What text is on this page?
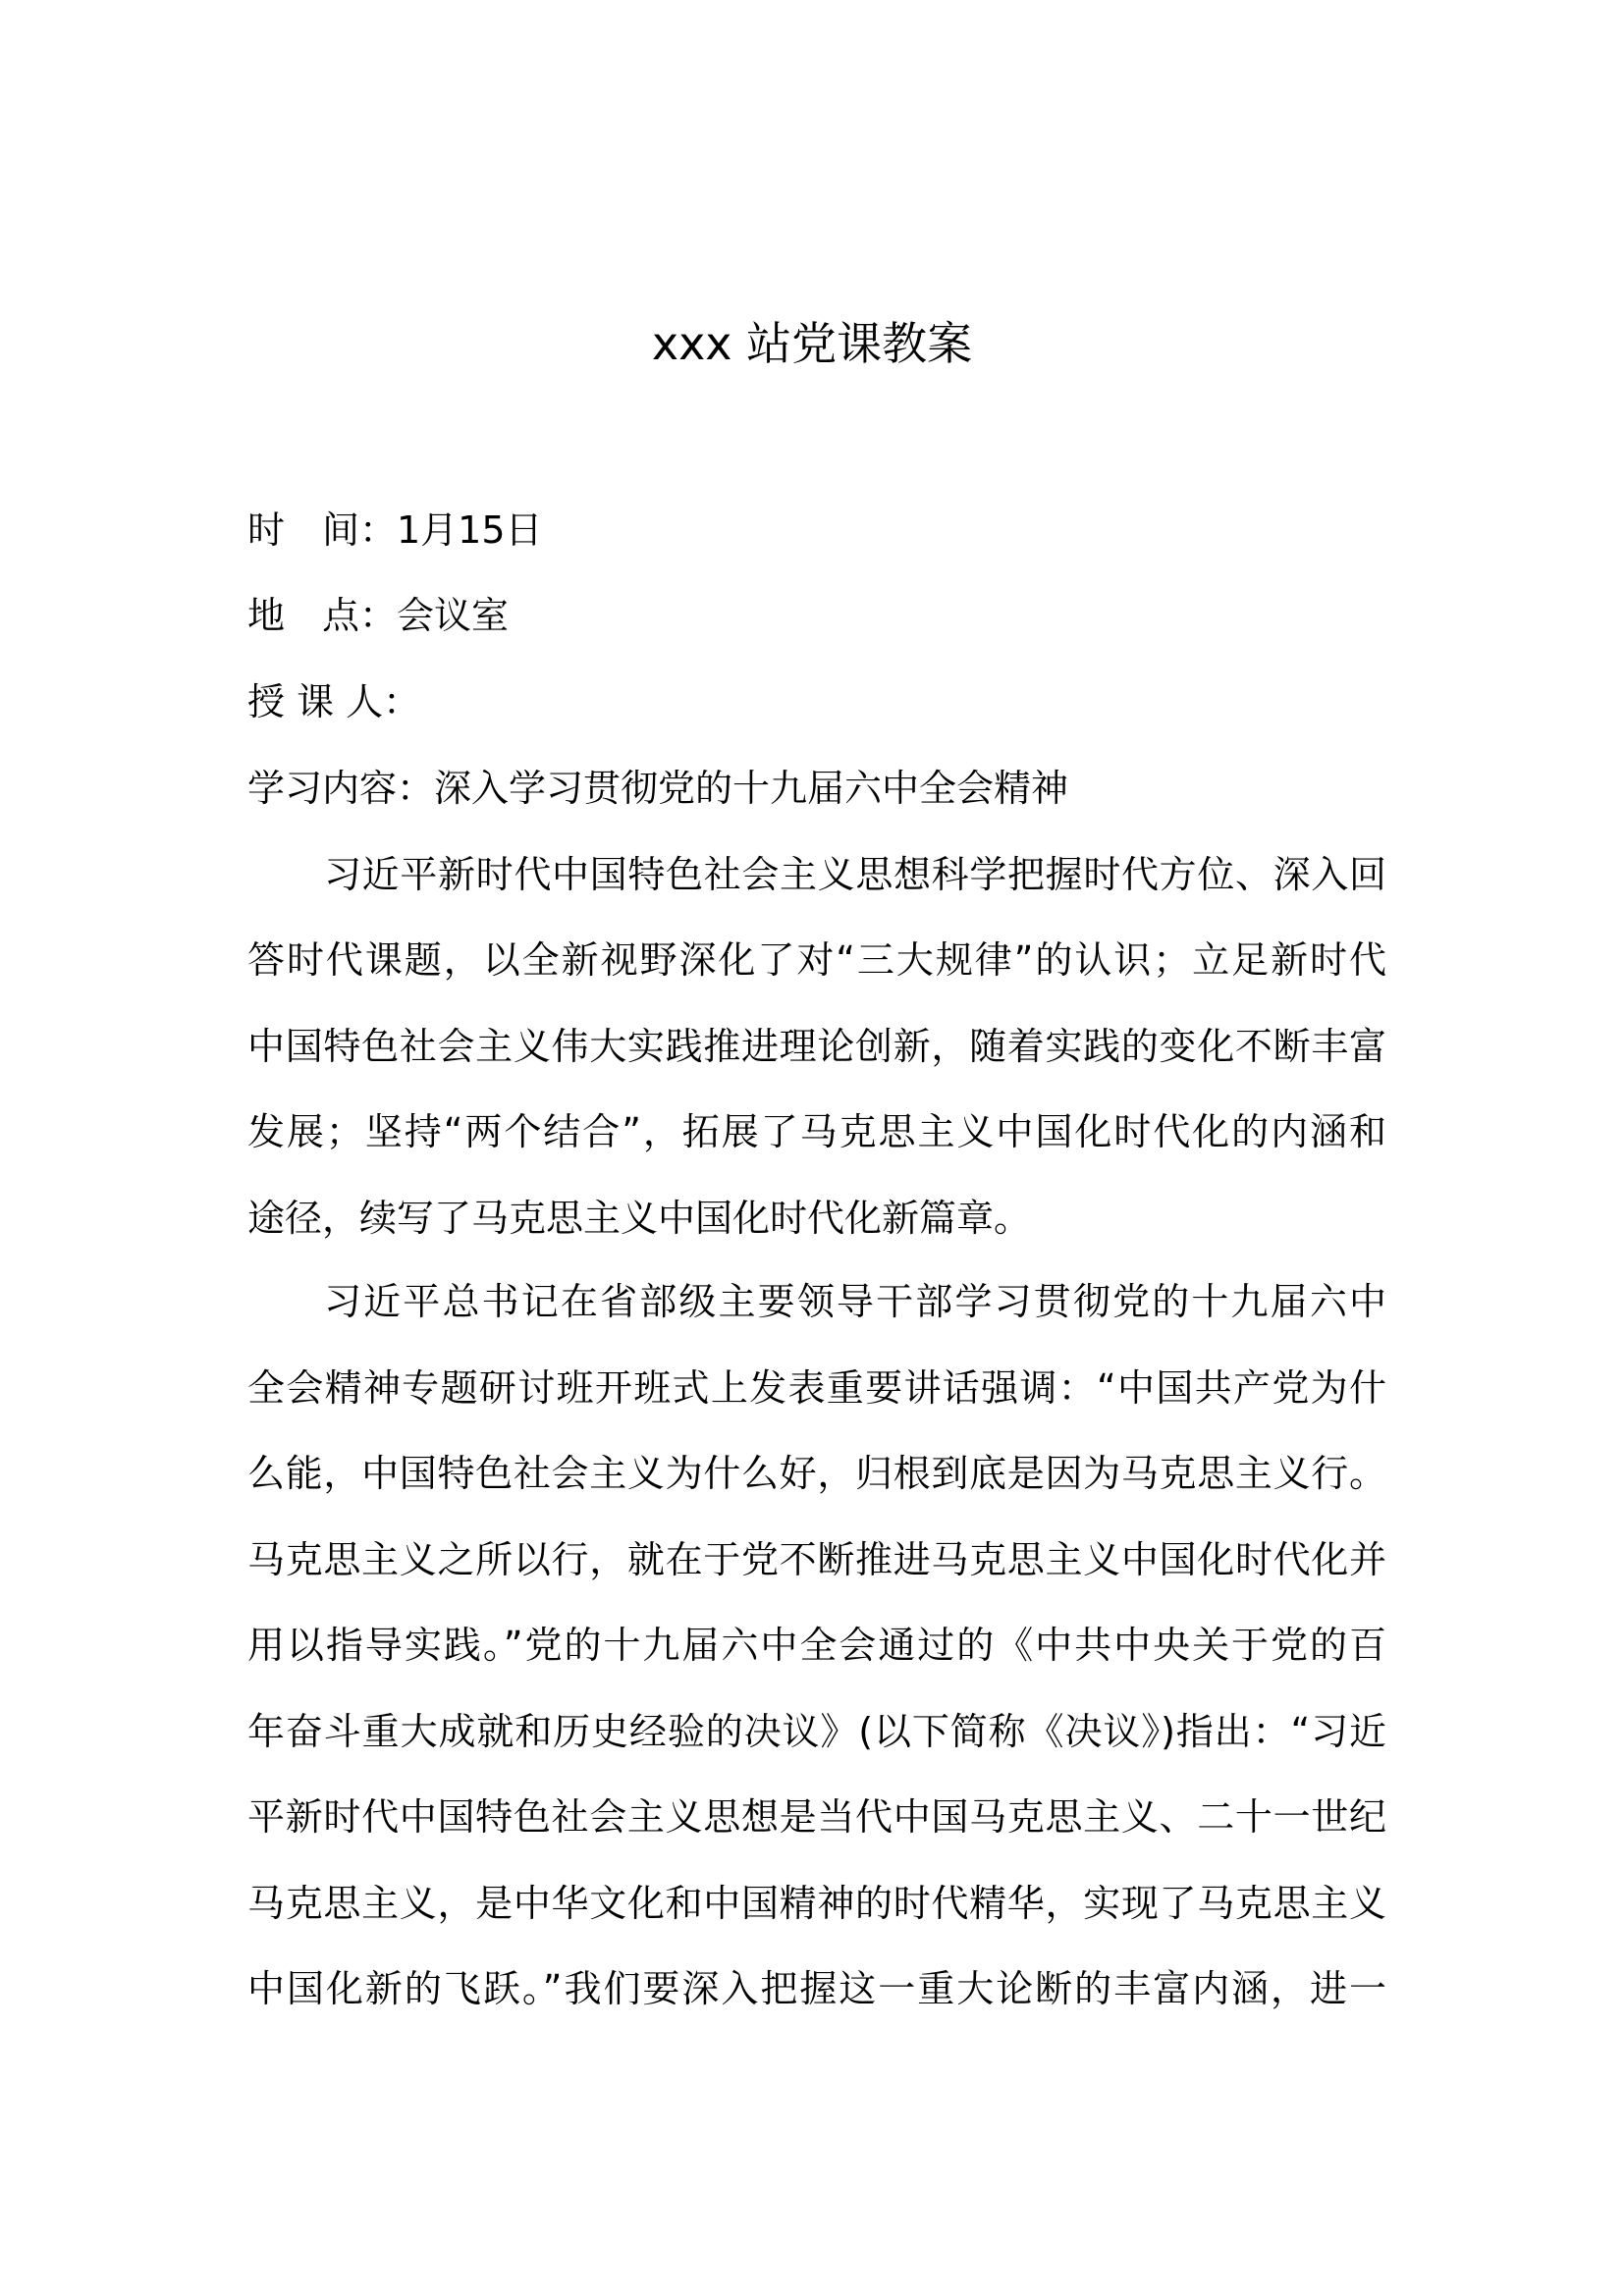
xxx 站党课教案
时　间：1月15日
地　点：会议室
授 课 人：
学习内容：深入学习贯彻党的十九届六中全会精神
习近平新时代中国特色社会主义思想科学把握时代方位、深入回
答时代课题，以全新视野深化了对“三大规律”的认识；立足新时代
中国特色社会主义伟大实践推进理论创新，随着实践的变化不断丰富
发展；坚持“两个结合”，拓展了马克思主义中国化时代化的内涵和
途径，续写了马克思主义中国化时代化新篇章。
习近平总书记在省部级主要领导干部学习贯彻党的十九届六中
全会精神专题研讨班开班式上发表重要讲话强调：“中国共产党为什
么能，中国特色社会主义为什么好，归根到底是因为马克思主义行。
马克思主义之所以行，就在于党不断推进马克思主义中国化时代化并
用以指导实践。”党的十九届六中全会通过的《中共中央关于党的百
年奋斗重大成就和历史经验的决议》(以下简称《决议》)指出：“习近
平新时代中国特色社会主义思想是当代中国马克思主义、二十一世纪
马克思主义，是中华文化和中国精神的时代精华，实现了马克思主义
中国化新的飞跃。”我们要深入把握这一重大论断的丰富内涵，进一
